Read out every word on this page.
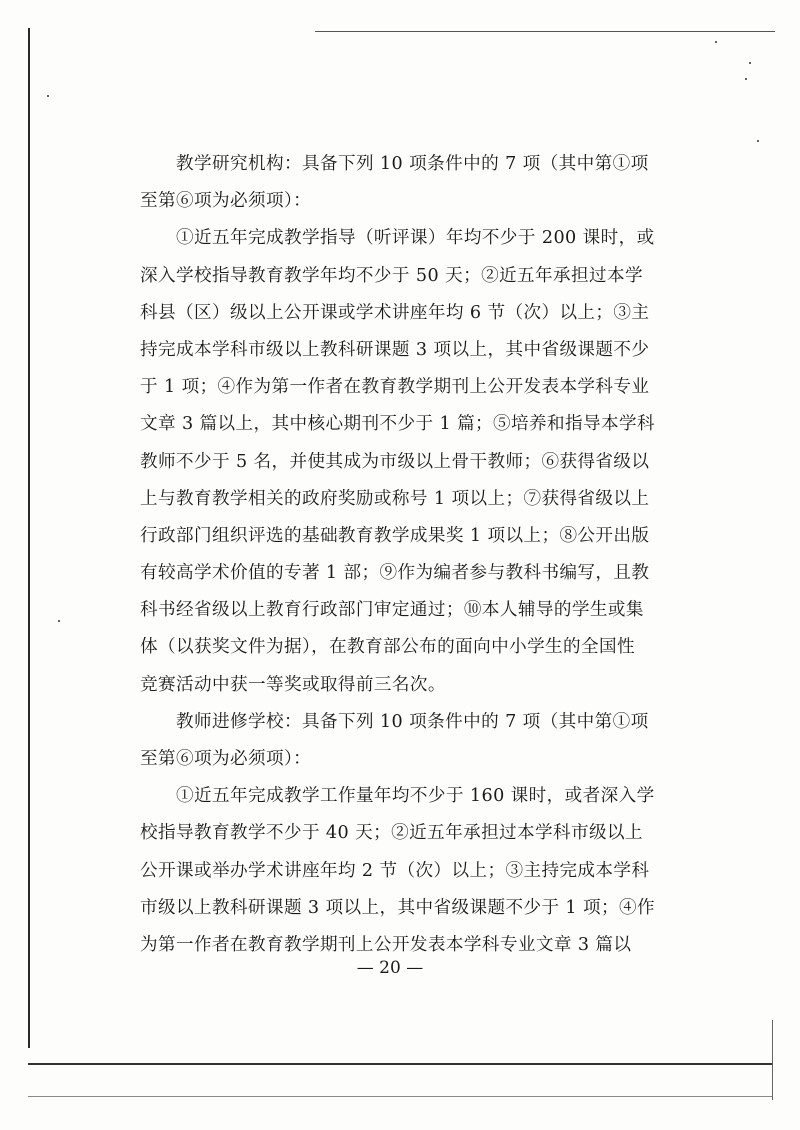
教学研究机构：具备下列 10 项条件中的 7 项（其中第①项
至第⑥项为必须项）：
①近五年完成教学指导（听评课）年均不少于 200 课时，或
深入学校指导教育教学年均不少于 50 天；②近五年承担过本学
科县（区）级以上公开课或学术讲座年均 6 节（次）以上；③主
持完成本学科市级以上教科研课题 3 项以上，其中省级课题不少
于 1 项；④作为第一作者在教育教学期刊上公开发表本学科专业
文章 3 篇以上，其中核心期刊不少于 1 篇；⑤培养和指导本学科
教师不少于 5 名，并使其成为市级以上骨干教师；⑥获得省级以
上与教育教学相关的政府奖励或称号 1 项以上；⑦获得省级以上
行政部门组织评选的基础教育教学成果奖 1 项以上；⑧公开出版
有较高学术价值的专著 1 部；⑨作为编者参与教科书编写，且教
科书经省级以上教育行政部门审定通过；⑩本人辅导的学生或集
体（以获奖文件为据），在教育部公布的面向中小学生的全国性
竞赛活动中获一等奖或取得前三名次。
教师进修学校：具备下列 10 项条件中的 7 项（其中第①项
至第⑥项为必须项）：
①近五年完成教学工作量年均不少于 160 课时，或者深入学
校指导教育教学不少于 40 天；②近五年承担过本学科市级以上
公开课或举办学术讲座年均 2 节（次）以上；③主持完成本学科
市级以上教科研课题 3 项以上，其中省级课题不少于 1 项；④作
为第一作者在教育教学期刊上公开发表本学科专业文章 3 篇以
— 20 —
